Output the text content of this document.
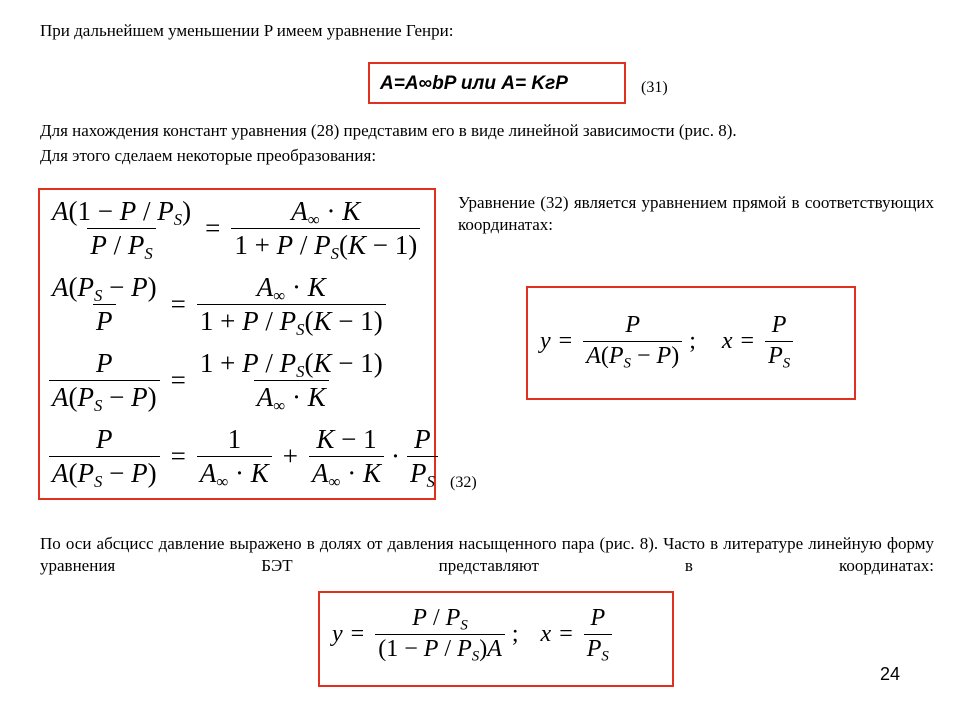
При дальнейшем уменьшении P имеем уравнение Генри:
A=A∞bP или A= KгP	(31)
Для нахождения констант уравнения (28) представим его в виде линейной зависимости (рис. 8).
Для этого сделаем некоторые преобразования:
$\frac{A(1 - P / P_S)}{P / P_S} = \frac{A_\infty \cdot K}{1 + P / P_S(K - 1)}$
$\frac{A(P_S - P)}{P} = \frac{A_\infty \cdot K}{1 + P / P_S(K - 1)}$
$\frac{P}{A(P_S - P)} = \frac{1 + P / P_S(K - 1)}{A_\infty \cdot K}$
$\frac{P}{A(P_S - P)} = \frac{1}{A_\infty \cdot K} + \frac{K - 1}{A_\infty \cdot K} \cdot \frac{P}{P_S} (32)$
Уравнение (32) является уравнением прямой в соответствующих координатах:
$y = \frac{P}{A(P_S - P)}$ ; $x = \frac{P}{P_S}$
По оси абсцисс давление выражено в долях от давления насыщенного пара (рис. 8). Часто в литературе линейную форму уравнения БЭТ представляют в координатах:
$y = \frac{P / P_S}{(1 - P / P_S)A}$ ; $x = \frac{P}{P_S}$
24
